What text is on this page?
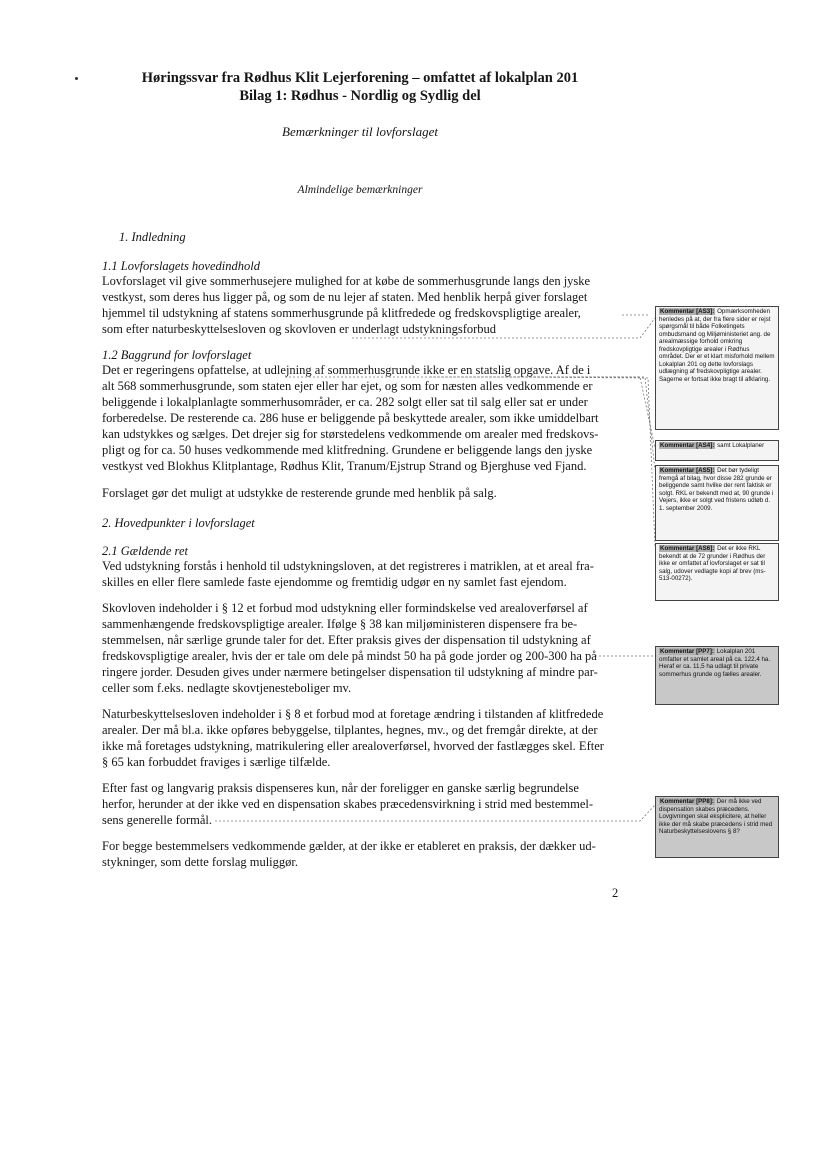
Høringssvar fra Rødhus Klit Lejerforening – omfattet af lokalplan 201
Bilag 1: Rødhus - Nordlig og Sydlig del
Bemærkninger til lovforslaget
Almindelige bemærkninger
1. Indledning
1.1 Lovforslagets hovedindhold
Lovforslaget vil give sommerhusejere mulighed for at købe de sommerhusgrunde langs den jyske
vestkyst, som deres hus ligger på, og som de nu lejer af staten. Med henblik herpå giver forslaget
hjemmel til udstykning af statens sommerhusgrunde på klitfredede og fredskovspligtige arealer,
som efter naturbeskyttelsesloven og skovloven er underlagt udstykningsforbud
1.2 Baggrund for lovforslaget
Det er regeringens opfattelse, at udlejning af sommerhusgrunde ikke er en statslig opgave. Af de i
alt 568 sommerhusgrunde, som staten ejer eller har ejet, og som for næsten alles vedkommende er
beliggende i lokalplanlagte sommerhusområder, er ca. 282 solgt eller sat til salg eller sat er under
forberedelse. De resterende ca. 286 huse er beliggende på beskyttede arealer, som ikke umiddelbart
kan udstykkes og sælges. Det drejer sig for størstedelens vedkommende om arealer med fredskovs-
pligt og for ca. 50 huses vedkommende med klitfredning. Grundene er beliggende langs den jyske
vestkyst ved Blokhus Klitplantage, Rødhus Klit, Tranum/Ejstrup Strand og Bjerghuse ved Fjand.
Forslaget gør det muligt at udstykke de resterende grunde med henblik på salg.
2. Hovedpunkter i lovforslaget
2.1 Gældende ret
Ved udstykning forstås i henhold til udstykningsloven, at det registreres i matriklen, at et areal fra-
skilles en eller flere samlede faste ejendomme og fremtidig udgør en ny samlet fast ejendom.
Skovloven indeholder i § 12 et forbud mod udstykning eller formindskelse ved arealoverførsel af
sammenhængende fredskovspligtige arealer. Ifølge § 38 kan miljøministeren dispensere fra be-
stemmelsen, når særlige grunde taler for det. Efter praksis gives der dispensation til udstykning af
fredskovspligtige arealer, hvis der er tale om dele på mindst 50 ha på gode jorder og 200-300 ha på
ringere jorder. Desuden gives under nærmere betingelser dispensation til udstykning af mindre par-
celler som f.eks. nedlagte skovtjenesteboliger mv.
Naturbeskyttelsesloven indeholder i § 8 et forbud mod at foretage ændring i tilstanden af klitfredede
arealer. Der må bl.a. ikke opføres bebyggelse, tilplantes, hegnes, mv., og det fremgår direkte, at der
ikke må foretages udstykning, matrikulering eller arealoverførsel, hvorved der fastlægges skel. Efter
§ 65 kan forbuddet fraviges i særlige tilfælde.
Efter fast og langvarig praksis dispenseres kun, når der foreligger en ganske særlig begrundelse
herfor, herunder at der ikke ved en dispensation skabes præcedensvirkning i strid med bestemmel-
sens generelle formål.
For begge bestemmelsers vedkommende gælder, at der ikke er etableret en praksis, der dækker ud-
stykninger, som dette forslag muliggør.
2
Kommentar [AS3]: Opmærksomheden henledes på at, der fra flere sider er rejst spørgsmål til både Folketingets ombudsmand og Miljøministeriet ang. de arealmæssige forhold omkring fredskovpligtige arealer i Rødhus området. Der er et klart misforhold mellem Lokalplan 201 og dette lovforslags udlægning af fredskovpligtige arealer. Sagerne er fortsat ikke bragt til afklaring.
Kommentar [AS4]: samt Lokalplaner
Kommentar [AS5]: Det bør tydeligt fremgå af bilag, hvor disse 282 grunde er beliggende samt hvilke der rent faktisk er solgt. RKL er bekendt med at, 90 grunde i Vejers, ikke er solgt ved fristens udløb d. 1. september 2009.
Kommentar [AS6]: Det er ikke RKL bekendt at de 72 grunder i Rødhus der ikke er omfattet af lovforslaget er sat til salg, udover vedlagte kopi af brev (ms-513-00272).
Kommentar [PP7]: Lokalplan 201 omfatter et samlet areal på ca. 122,4 ha. Heraf er ca. 11,5 ha udlagt til private sommerhus grunde og fælles arealer.
Kommentar [PP8]: Der må ikke ved dispensation skabes præcedens. Lovgivningen skal eksplicitere, at heller ikke der må skabe præcedens i strid med Naturbeskyttelseslovens § 8?
